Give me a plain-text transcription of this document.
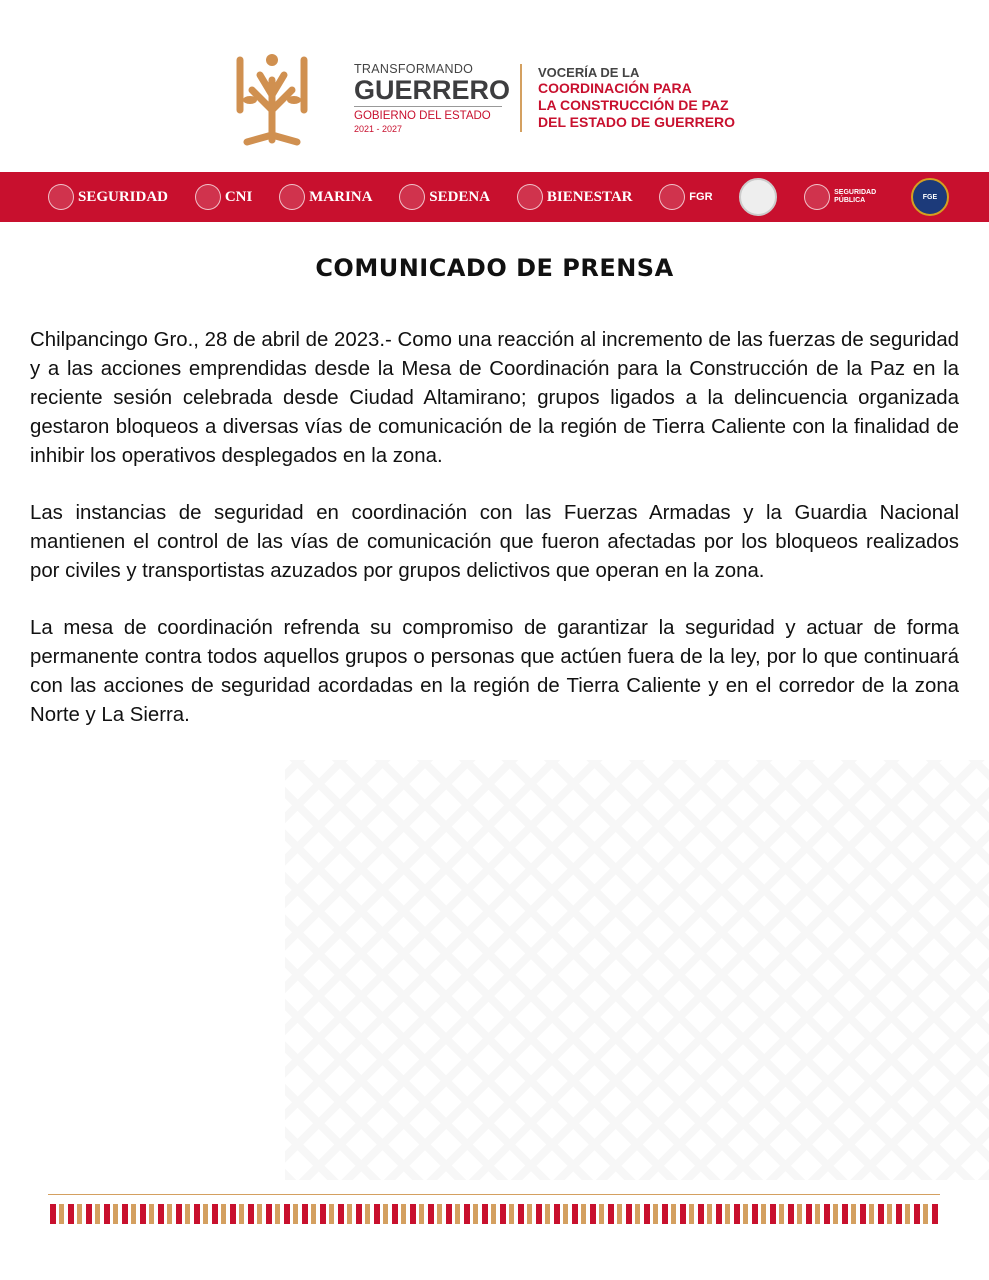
TRANSFORMANDO
GUERRERO
GOBIERNO DEL ESTADO
2021 - 2027
VOCERÍA DE LA
COORDINACIÓN PARA
LA CONSTRUCCIÓN DE PAZ
DEL ESTADO DE GUERRERO
SEGURIDAD	CNI	MARINA	SEDENA	BIENESTAR	FGR	SEGURIDAD PÚBLICA	FGE
COMUNICADO DE PRENSA

Chilpancingo Gro., 28 de abril de 2023.- Como una reacción al incremento de las fuerzas de seguridad y a las acciones emprendidas desde la Mesa de Coordinación para la Construcción de la Paz en la reciente sesión celebrada desde Ciudad Altamirano; grupos ligados a la delincuencia organizada gestaron bloqueos a diversas vías de comunicación de la región de Tierra Caliente con la finalidad de inhibir los operativos desplegados en la zona.

Las instancias de seguridad en coordinación con las Fuerzas Armadas y la Guardia Nacional mantienen el control de las vías de comunicación que fueron afectadas por los bloqueos realizados por civiles y transportistas azuzados por grupos delictivos que operan en la zona.

La mesa de coordinación refrenda su compromiso de garantizar la seguridad y actuar de forma permanente contra todos aquellos grupos o personas que actúen fuera de la ley, por lo que continuará con las acciones de seguridad acordadas en la región de Tierra Caliente y en el corredor de la zona Norte y La Sierra.
